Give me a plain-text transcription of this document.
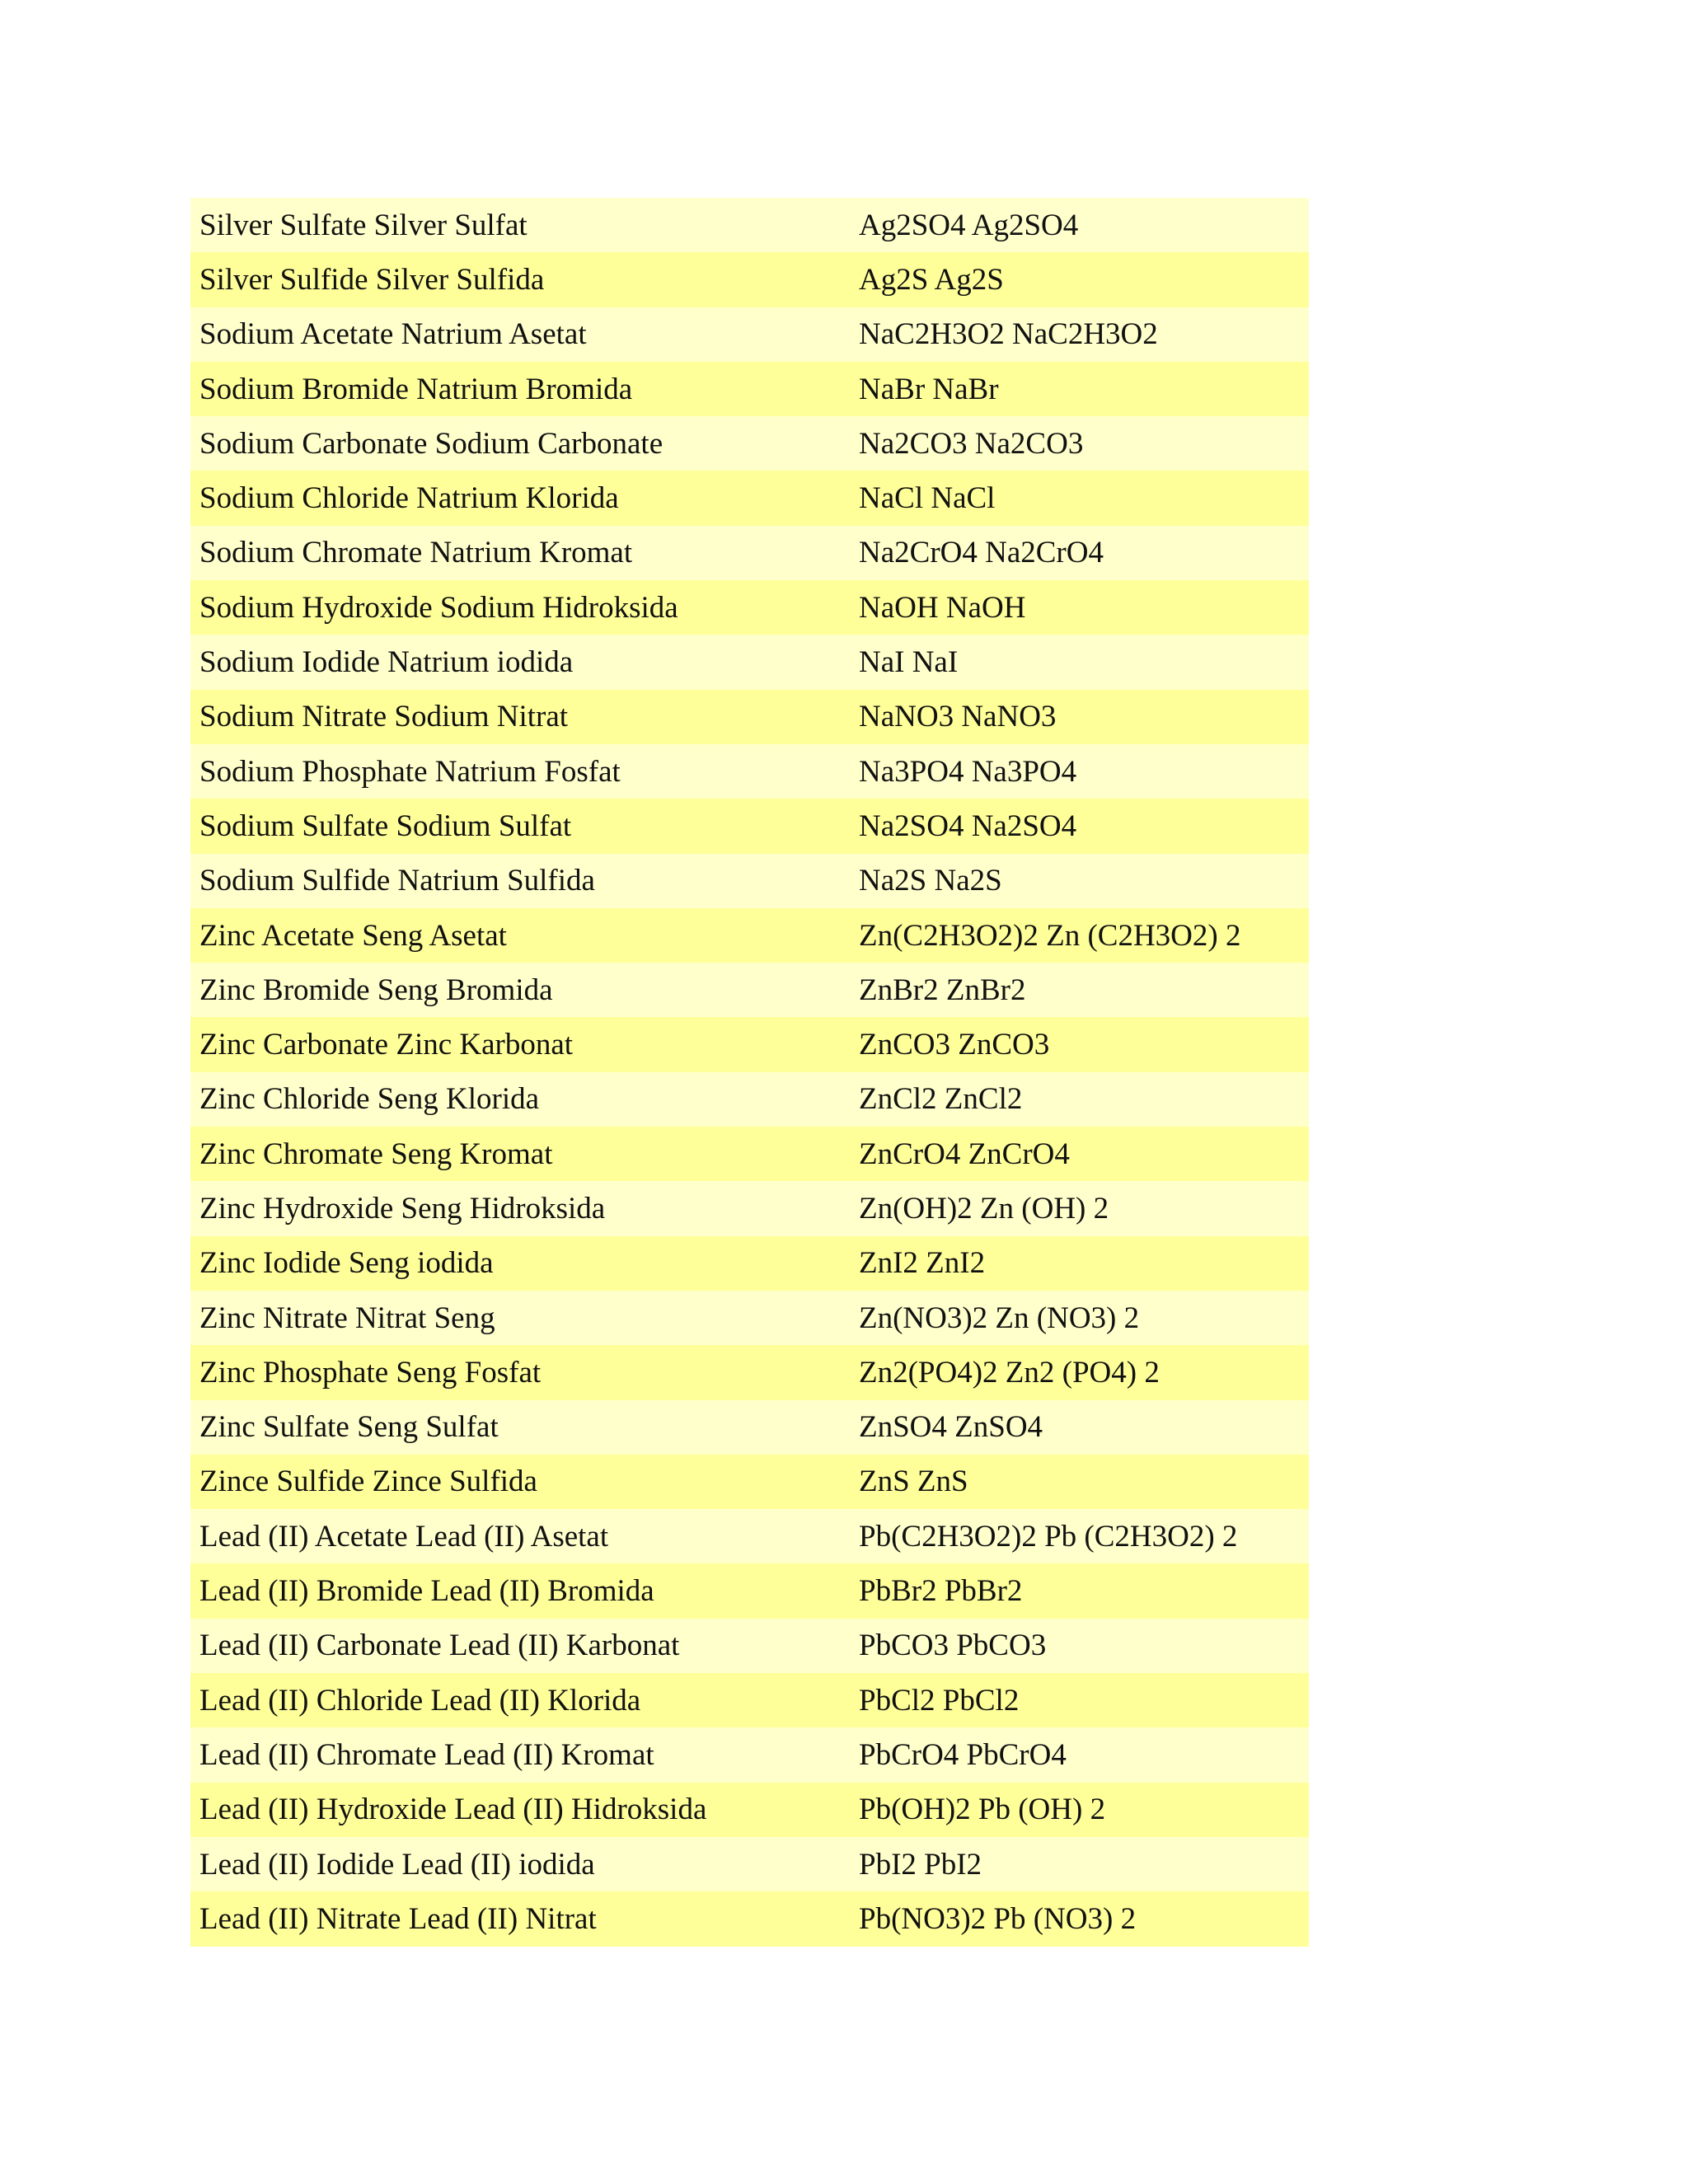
Silver Sulfate Silver Sulfat	Ag2SO4 Ag2SO4
Silver Sulfide Silver Sulfida	Ag2S Ag2S
Sodium Acetate Natrium Asetat	NaC2H3O2 NaC2H3O2
Sodium Bromide Natrium Bromida	NaBr NaBr
Sodium Carbonate Sodium Carbonate	Na2CO3 Na2CO3
Sodium Chloride Natrium Klorida	NaCl NaCl
Sodium Chromate Natrium Kromat	Na2CrO4 Na2CrO4
Sodium Hydroxide Sodium Hidroksida	NaOH NaOH
Sodium Iodide Natrium iodida	NaI NaI
Sodium Nitrate Sodium Nitrat	NaNO3 NaNO3
Sodium Phosphate Natrium Fosfat	Na3PO4 Na3PO4
Sodium Sulfate Sodium Sulfat	Na2SO4 Na2SO4
Sodium Sulfide Natrium Sulfida	Na2S Na2S
Zinc Acetate Seng Asetat	Zn(C2H3O2)2 Zn (C2H3O2) 2
Zinc Bromide Seng Bromida	ZnBr2 ZnBr2
Zinc Carbonate Zinc Karbonat	ZnCO3 ZnCO3
Zinc Chloride Seng Klorida	ZnCl2 ZnCl2
Zinc Chromate Seng Kromat	ZnCrO4 ZnCrO4
Zinc Hydroxide Seng Hidroksida	Zn(OH)2 Zn (OH) 2
Zinc Iodide Seng iodida	ZnI2 ZnI2
Zinc Nitrate Nitrat Seng	Zn(NO3)2 Zn (NO3) 2
Zinc Phosphate Seng Fosfat	Zn2(PO4)2 Zn2 (PO4) 2
Zinc Sulfate Seng Sulfat	ZnSO4 ZnSO4
Zince Sulfide Zince Sulfida	ZnS ZnS
Lead (II) Acetate Lead (II) Asetat	Pb(C2H3O2)2 Pb (C2H3O2) 2
Lead (II) Bromide Lead (II) Bromida	PbBr2 PbBr2
Lead (II) Carbonate Lead (II) Karbonat	PbCO3 PbCO3
Lead (II) Chloride Lead (II) Klorida	PbCl2 PbCl2
Lead (II) Chromate Lead (II) Kromat	PbCrO4 PbCrO4
Lead (II) Hydroxide Lead (II) Hidroksida	Pb(OH)2 Pb (OH) 2
Lead (II) Iodide Lead (II) iodida	PbI2 PbI2
Lead (II) Nitrate Lead (II) Nitrat	Pb(NO3)2 Pb (NO3) 2
